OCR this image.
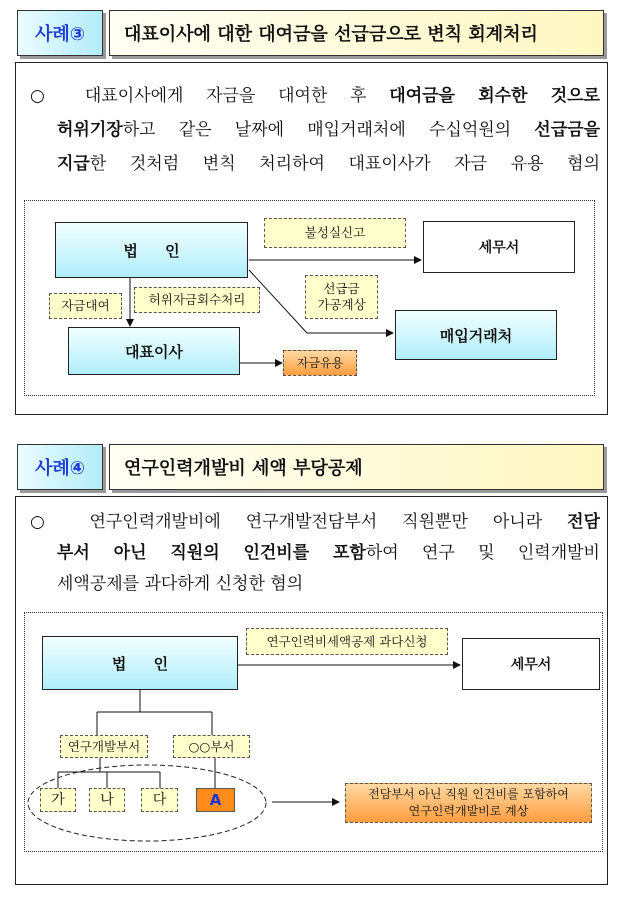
사례③	대표이사에 대한 대여금을 선급금으로 변칙 회계처리
○ 대표이사에게 자금을 대여한 후 대여금을 회수한 것으로
허위기장하고 같은 날짜에 매입거래처에 수십억원의 선급금을
지급한 것처럼 변칙 처리하여 대표이사가 자금 유용 혐의
법 인
불성실신고
세무서
선급금
가공계상
매입거래처
자금대여	허위자금회수처리
대표이사
자금유용
사례④	연구인력개발비 세액 부당공제
○ 연구인력개발비에 연구개발전담부서 직원뿐만 아니라 전담
부서 아닌 직원의 인건비를 포함하여 연구 및 인력개발비
세액공제를 과다하게 신청한 혐의
법 인
연구인력비세액공제 과다신청
세무서
연구개발부서	○○부서
가	나	다	A	전담부서 아닌 직원 인건비를 포함하여
연구인력개발비로 계상
